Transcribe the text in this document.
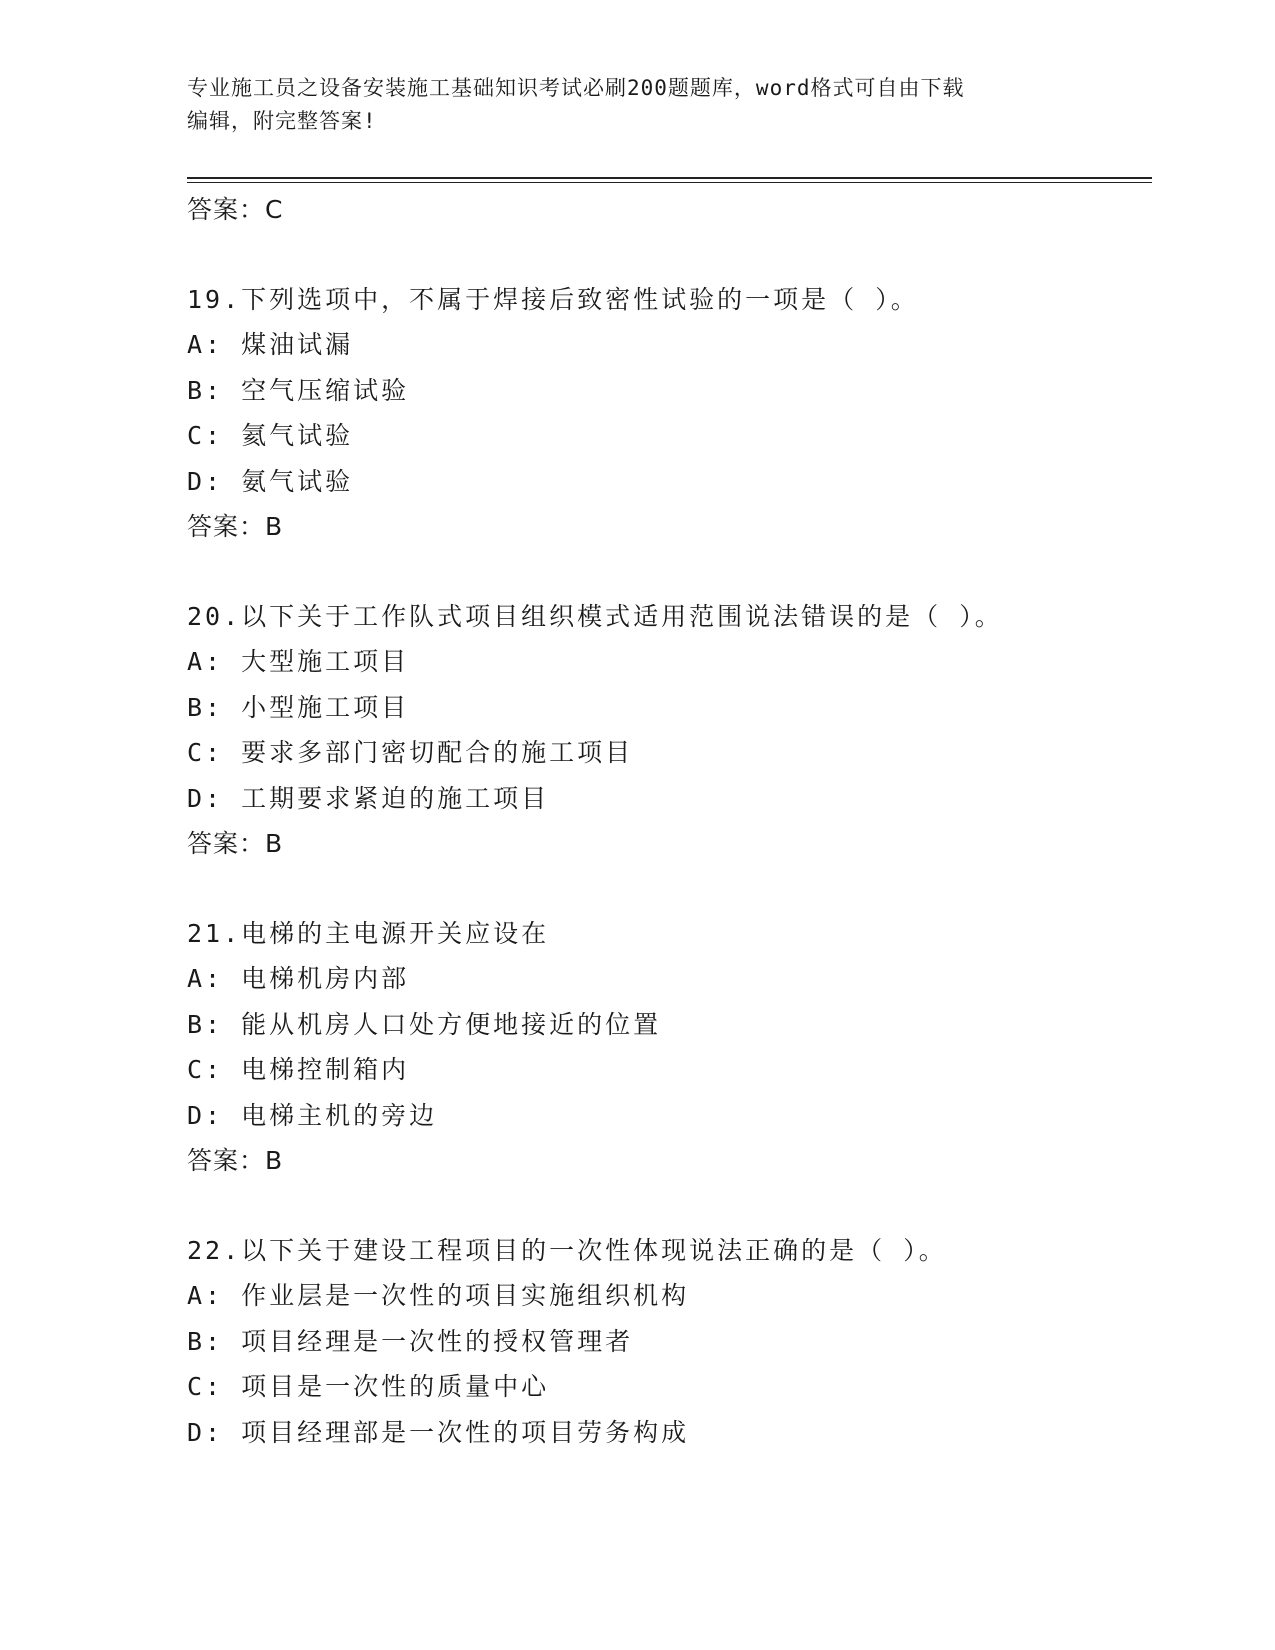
专业施工员之设备安装施工基础知识考试必刷200题题库，word格式可自由下载
编辑，附完整答案!
答案：C
19.下列选项中，不属于焊接后致密性试验的一项是（ ）。
A: 煤油试漏
B: 空气压缩试验
C: 氦气试验
D: 氨气试验
答案：B
20.以下关于工作队式项目组织模式适用范围说法错误的是（ ）。
A: 大型施工项目
B: 小型施工项目
C: 要求多部门密切配合的施工项目
D: 工期要求紧迫的施工项目
答案：B
21.电梯的主电源开关应设在
A: 电梯机房内部
B: 能从机房人口处方便地接近的位置
C: 电梯控制箱内
D: 电梯主机的旁边
答案：B
22.以下关于建设工程项目的一次性体现说法正确的是（ ）。
A: 作业层是一次性的项目实施组织机构
B: 项目经理是一次性的授权管理者
C: 项目是一次性的质量中心
D: 项目经理部是一次性的项目劳务构成
